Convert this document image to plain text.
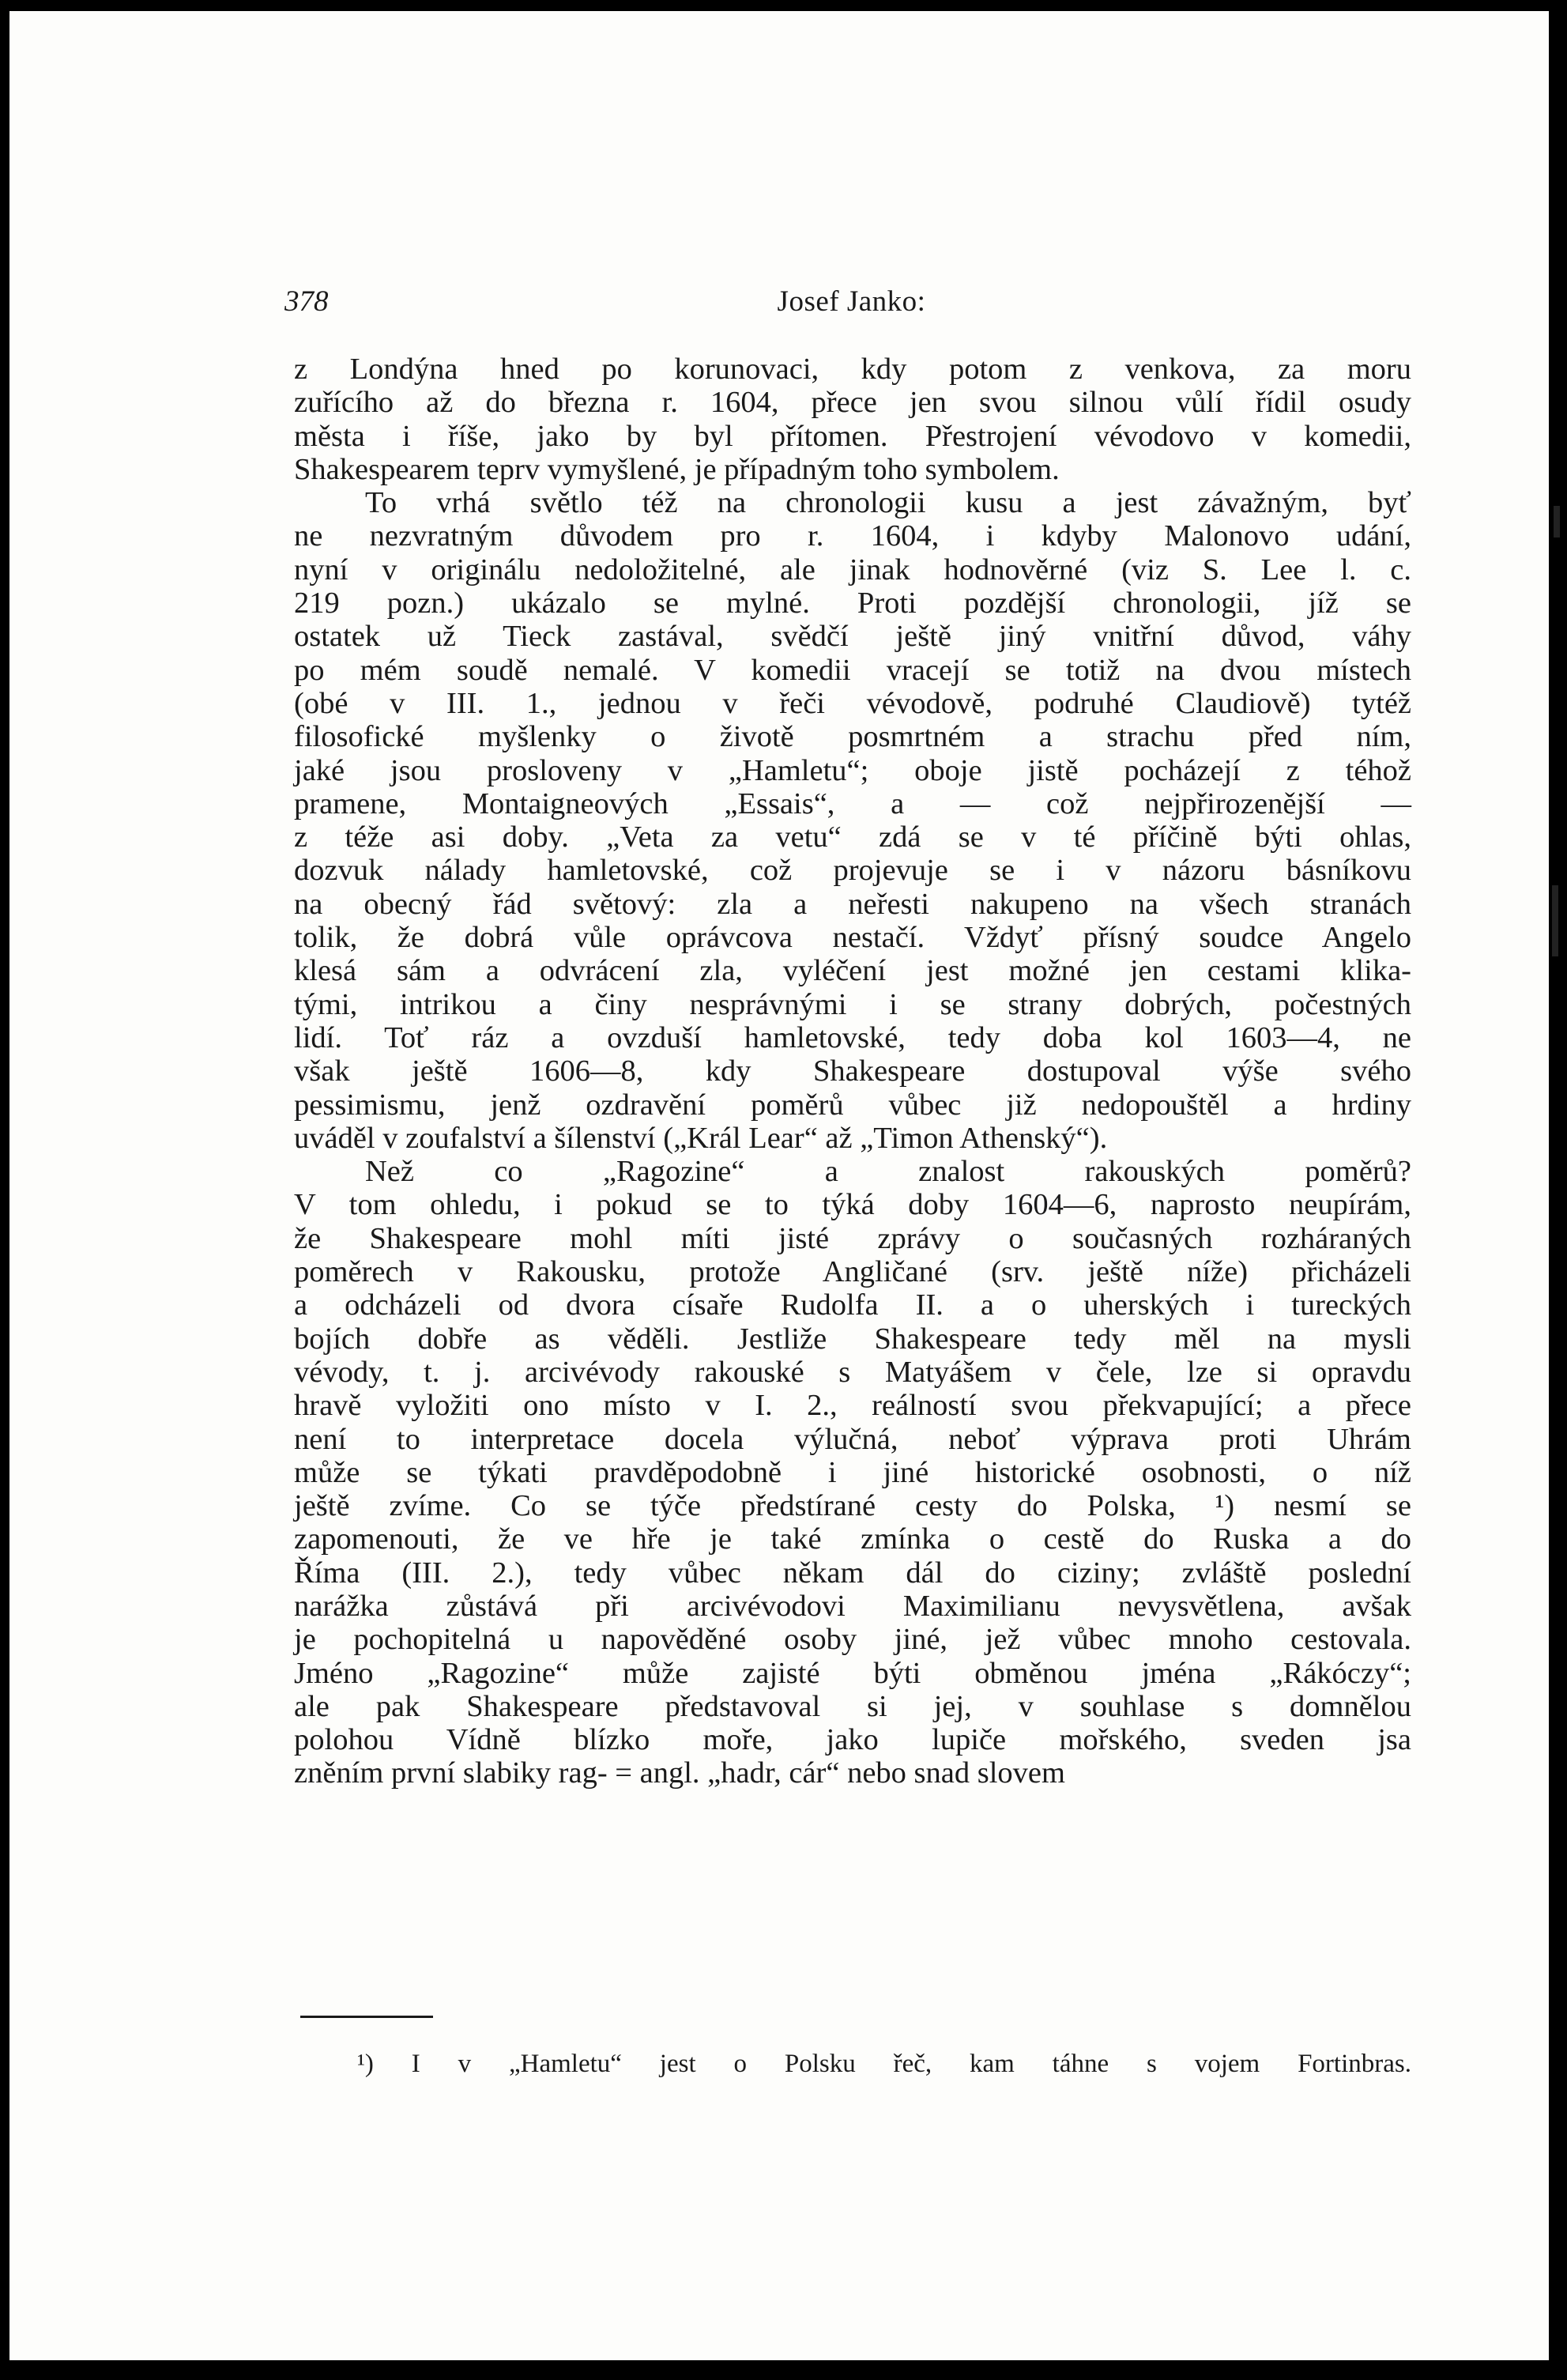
378	Josef Janko:
z Londýna hned po korunovaci, kdy potom z venkova, za moru
zuřícího až do března r. 1604, přece jen svou silnou vůlí řídil osudy
města i říše, jako by byl přítomen. Přestrojení vévodovo v komedii,
Shakespearem teprv vymyšlené, je případným toho symbolem.
To vrhá světlo též na chronologii kusu a jest závažným, byť
ne nezvratným důvodem pro r. 1604, i kdyby Malonovo udání,
nyní v originálu nedoložitelné, ale jinak hodnověrné (viz S. Lee l. c.
219 pozn.) ukázalo se mylné. Proti pozdější chronologii, jíž se
ostatek už Tieck zastával, svědčí ještě jiný vnitřní důvod, váhy
po mém soudě nemalé. V komedii vracejí se totiž na dvou místech
(obé v III. 1., jednou v řeči vévodově, podruhé Claudiově) tytéž
filosofické myšlenky o životě posmrtném a strachu před ním,
jaké jsou prosloveny v „Hamletu“; oboje jistě pocházejí z téhož
pramene, Montaigneových „Essais“, a — což nejpřirozenější —
z téže asi doby. „Veta za vetu“ zdá se v té příčině býti ohlas,
dozvuk nálady hamletovské, což projevuje se i v názoru básníkovu
na obecný řád světový: zla a neřesti nakupeno na všech stranách
tolik, že dobrá vůle oprávcova nestačí. Vždyť přísný soudce Angelo
klesá sám a odvrácení zla, vyléčení jest možné jen cestami klika-
tými, intrikou a činy nesprávnými i se strany dobrých, počestných
lidí. Toť ráz a ovzduší hamletovské, tedy doba kol 1603—4, ne
však ještě 1606—8, kdy Shakespeare dostupoval výše svého
pessimismu, jenž ozdravění poměrů vůbec již nedopouštěl a hrdiny
uváděl v zoufalství a šílenství („Král Lear“ až „Timon Athenský“).
Než co „Ragozine“ a znalost rakouských poměrů?
V tom ohledu, i pokud se to týká doby 1604—6, naprosto neupírám,
že Shakespeare mohl míti jisté zprávy o současných rozháraných
poměrech v Rakousku, protože Angličané (srv. ještě níže) přicházeli
a odcházeli od dvora císaře Rudolfa II. a o uherských i tureckých
bojích dobře as věděli. Jestliže Shakespeare tedy měl na mysli
vévody, t. j. arcivévody rakouské s Matyášem v čele, lze si opravdu
hravě vyložiti ono místo v I. 2., reálností svou překvapující; a přece
není to interpretace docela výlučná, neboť výprava proti Uhrám
může se týkati pravděpodobně i jiné historické osobnosti, o níž
ještě zvíme. Co se týče předstírané cesty do Polska, ¹) nesmí se
zapomenouti, že ve hře je také zmínka o cestě do Ruska a do
Říma (III. 2.), tedy vůbec někam dál do ciziny; zvláště poslední
narážka zůstává při arcivévodovi Maximilianu nevysvětlena, avšak
je pochopitelná u napověděné osoby jiné, jež vůbec mnoho cestovala.
Jméno „Ragozine“ může zajisté býti obměnou jména „Rákóczy“;
ale pak Shakespeare představoval si jej, v souhlase s domnělou
polohou Vídně blízko moře, jako lupiče mořského, sveden jsa
zněním první slabiky rag- = angl. „hadr, cár“ nebo snad slovem
¹) I v „Hamletu“ jest o Polsku řeč, kam táhne s vojem Fortinbras.
